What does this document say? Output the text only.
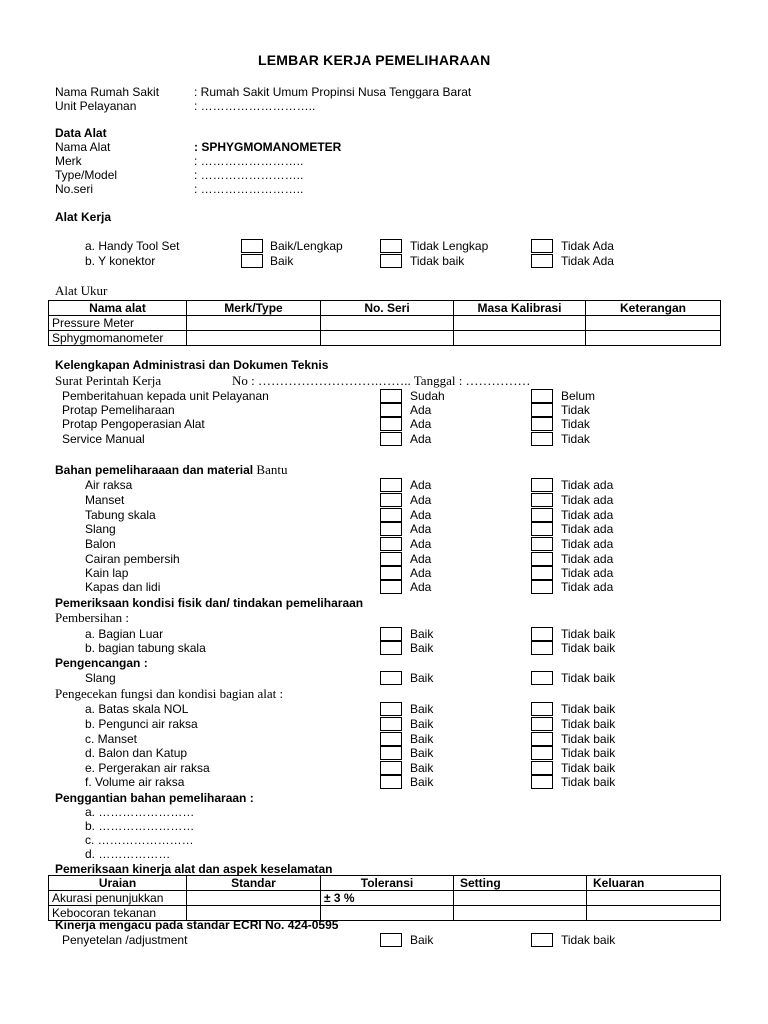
LEMBAR KERJA PEMELIHARAAN
Nama Rumah Sakit	: Rumah Sakit Umum Propinsi Nusa Tenggara Barat
Unit Pelayanan	: ………………………..
Data Alat
Nama Alat	: SPHYGMOMANOMETER
Merk	: ……………………..
Type/Model	: ……………………..
No.seri	: ……………………..
Alat Kerja
a. Handy Tool Set	Baik/Lengkap	Tidak Lengkap	Tidak Ada
b. Y konektor	Baik	Tidak baik	Tidak Ada
Alat Ukur
Nama alat	Merk/Type	No. Seri	Masa Kalibrasi	Keterangan
Pressure Meter				
Sphygmomanometer				
Kelengkapan Administrasi dan Dokumen Teknis
Surat Perintah Kerja	No : ……………………….…….. Tanggal : ……………
Pemberitahuan kepada unit Pelayanan	Sudah	Belum
Protap Pemeliharaan	Ada	Tidak
Protap Pengoperasian Alat	Ada	Tidak
Service Manual	Ada	Tidak
Bahan pemeliharaaan dan material Bantu
Air raksa	Ada	Tidak ada
Manset	Ada	Tidak ada
Tabung skala	Ada	Tidak ada
Slang	Ada	Tidak ada
Balon	Ada	Tidak ada
Cairan pembersih	Ada	Tidak ada
Kain lap	Ada	Tidak ada
Kapas dan lidi	Ada	Tidak ada
Pemeriksaan kondisi fisik dan/ tindakan pemeliharaan
Pembersihan :
a. Bagian Luar	Baik	Tidak baik
b. bagian tabung skala	Baik	Tidak baik
Pengencangan :
Slang	Baik	Tidak baik
Pengecekan fungsi dan kondisi bagian alat :
a. Batas skala NOL	Baik	Tidak baik
b. Pengunci air raksa	Baik	Tidak baik
c. Manset	Baik	Tidak baik
d. Balon dan Katup	Baik	Tidak baik
e. Pergerakan air raksa	Baik	Tidak baik
f. Volume air raksa	Baik	Tidak baik
Penggantian bahan pemeliharaan :
a. ……………………
b. ……………………
c. ……………………
d. ………………
Pemeriksaan kinerja alat dan aspek keselamatan
Uraian	Standar	Toleransi	Setting	Keluaran
Akurasi penunjukkan		± 3 %		
Kebocoran tekanan				
Kinerja mengacu pada standar ECRI No. 424-0595
Penyetelan /adjustment	Baik	Tidak baik
